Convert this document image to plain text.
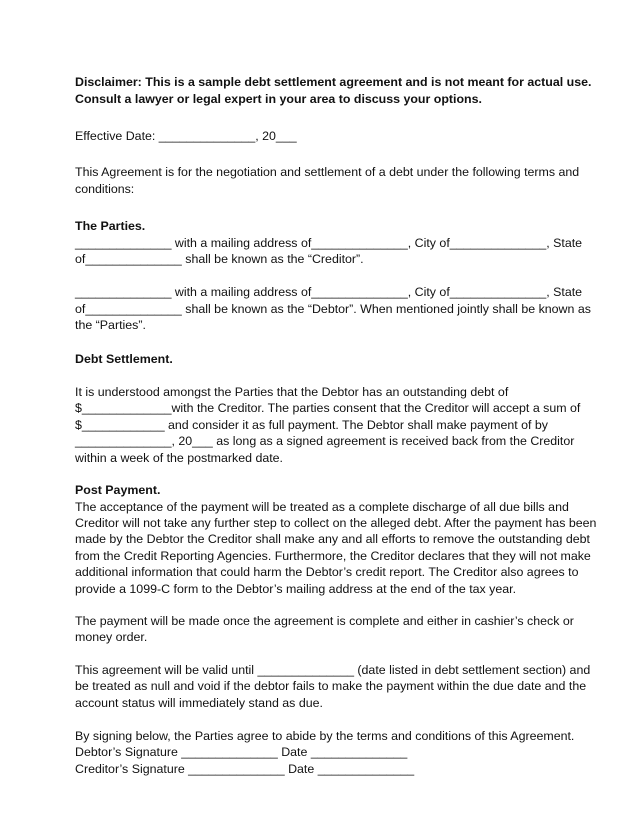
Disclaimer: This is a sample debt settlement agreement and is not meant for actual use.

Consult a lawyer or legal expert in your area to discuss your options.

Effective Date: ______________, 20___

This Agreement is for the negotiation and settlement of a debt under the following terms and

conditions:

The Parties.

______________ with a mailing address of______________, City of______________, State

of______________ shall be known as the “Creditor”.

______________ with a mailing address of______________, City of______________, State

of______________ shall be known as the “Debtor”. When mentioned jointly shall be known as

the “Parties”.

Debt Settlement.

It is understood amongst the Parties that the Debtor has an outstanding debt of

$_____________with the Creditor. The parties consent that the Creditor will accept a sum of

$____________ and consider it as full payment. The Debtor shall make payment of by

______________, 20___ as long as a signed agreement is received back from the Creditor

within a week of the postmarked date.

Post Payment.

The acceptance of the payment will be treated as a complete discharge of all due bills and

Creditor will not take any further step to collect on the alleged debt. After the payment has been

made by the Debtor the Creditor shall make any and all efforts to remove the outstanding debt

from the Credit Reporting Agencies. Furthermore, the Creditor declares that they will not make

additional information that could harm the Debtor’s credit report. The Creditor also agrees to

provide a 1099-C form to the Debtor’s mailing address at the end of the tax year.

The payment will be made once the agreement is complete and either in cashier’s check or

money order.

This agreement will be valid until ______________ (date listed in debt settlement section) and

be treated as null and void if the debtor fails to make the payment within the due date and the

account status will immediately stand as due.

By signing below, the Parties agree to abide by the terms and conditions of this Agreement.

Debtor’s Signature ______________ Date ______________

Creditor’s Signature ______________ Date ______________
